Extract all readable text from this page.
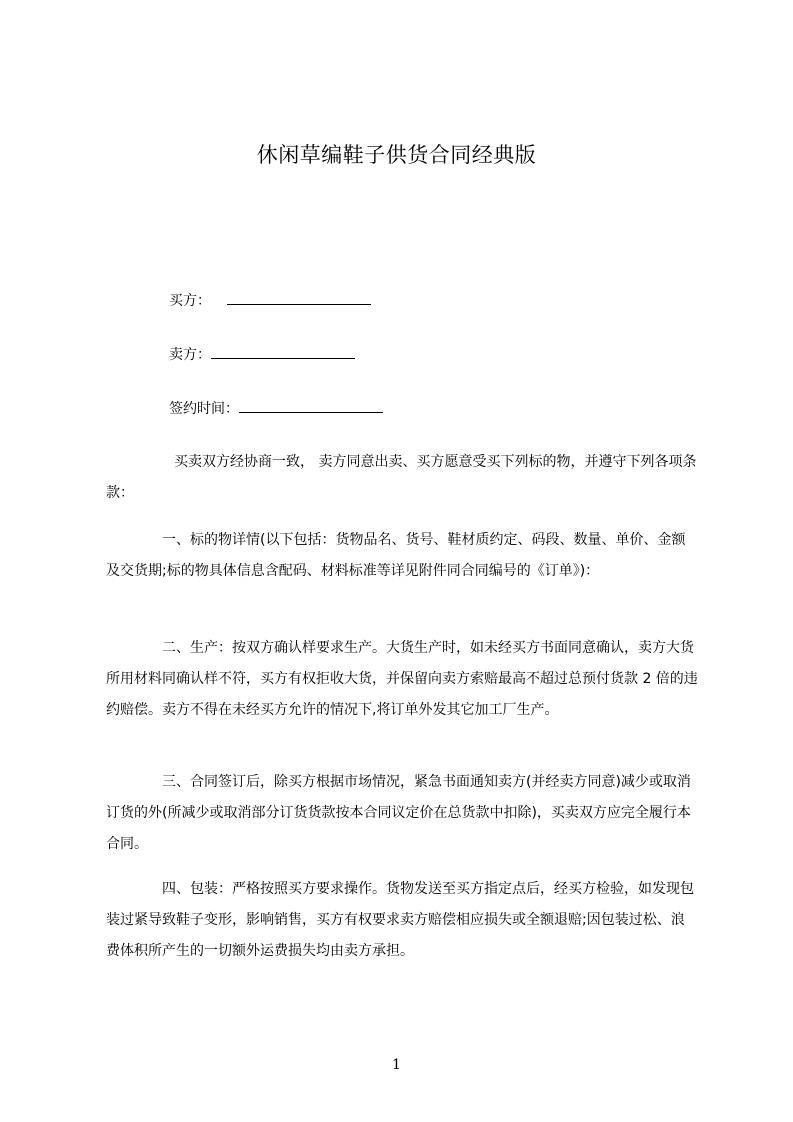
休闲草编鞋子供货合同经典版
买方：
卖方：
签约时间：
买卖双方经协商一致， 卖方同意出卖、买方愿意受买下列标的物，并遵守下列各项条款：
一、标的物详情(以下包括：货物品名、货号、鞋材质约定、码段、数量、单价、金额及交货期;标的物具体信息含配码、材料标准等详见附件同合同编号的《订单》)：
二、生产：按双方确认样要求生产。大货生产时，如未经买方书面同意确认，卖方大货所用材料同确认样不符，买方有权拒收大货，并保留向卖方索赔最高不超过总预付货款 2 倍的违约赔偿。卖方不得在未经买方允许的情况下,将订单外发其它加工厂生产。
三、合同签订后，除买方根据市场情况，紧急书面通知卖方(并经卖方同意)减少或取消订货的外(所减少或取消部分订货货款按本合同议定价在总货款中扣除)，买卖双方应完全履行本合同。
四、包装：严格按照买方要求操作。货物发送至买方指定点后，经买方检验，如发现包装过紧导致鞋子变形，影响销售，买方有权要求卖方赔偿相应损失或全额退赔;因包装过松、浪费体积所产生的一切额外运费损失均由卖方承担。
1
